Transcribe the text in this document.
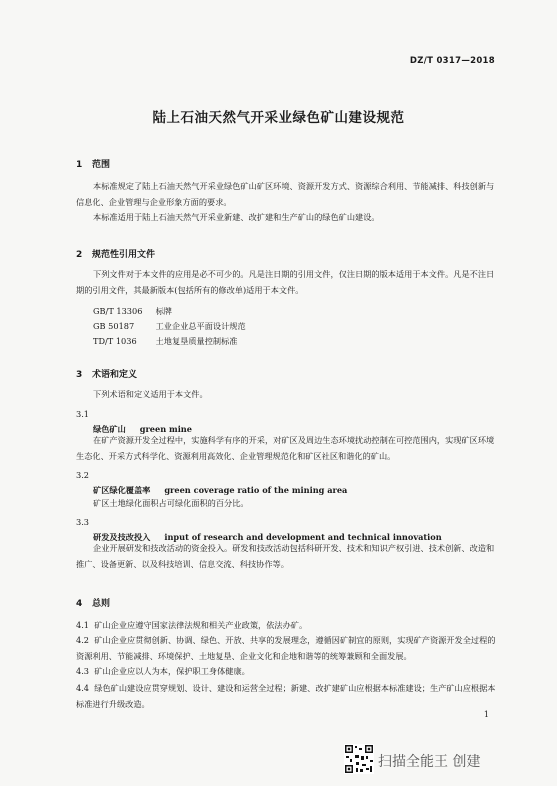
DZ/T 0317—2018
陆上石油天然气开采业绿色矿山建设规范
1 范围
本标准规定了陆上石油天然气开采业绿色矿山矿区环境、资源开发方式、资源综合利用、节能减排、科技创新与信息化、企业管理与企业形象方面的要求。
本标准适用于陆上石油天然气开采业新建、改扩建和生产矿山的绿色矿山建设。
2 规范性引用文件
下列文件对于本文件的应用是必不可少的。凡是注日期的引用文件，仅注日期的版本适用于本文件。凡是不注日期的引用文件，其最新版本(包括所有的修改单)适用于本文件。
GB/T 13306 标牌
GB 50187	工业企业总平面设计规范
TD/T 1036 土地复垦质量控制标准
3 术语和定义
下列术语和定义适用于本文件。
3.1
绿色矿山 green mine
在矿产资源开发全过程中，实施科学有序的开采，对矿区及周边生态环境扰动控制在可控范围内，实现矿区环境生态化、开采方式科学化、资源利用高效化、企业管理规范化和矿区社区和谐化的矿山。
3.2
矿区绿化覆盖率 green coverage ratio of the mining area
矿区土地绿化面积占可绿化面积的百分比。
3.3
研发及技改投入 input of research and development and technical innovation
企业开展研发和技改活动的资金投入。研发和技改活动包括科研开发、技术和知识产权引进、技术创新、改造和推广、设备更新、以及科技培训、信息交流、科技协作等。
4 总则
4.1 矿山企业应遵守国家法律法规和相关产业政策，依法办矿。
4.2 矿山企业应贯彻创新、协调、绿色、开放、共享的发展理念，遵循因矿制宜的原则，实现矿产资源开发全过程的资源利用、节能减排、环境保护、土地复垦、企业文化和企地和谐等的统筹兼顾和全面发展。
4.3 矿山企业应以人为本，保护职工身体健康。
4.4 绿色矿山建设应贯穿规划、设计、建设和运营全过程；新建、改扩建矿山应根据本标准建设；生产矿山应根据本标准进行升级改造。
1
扫描全能王 创建
